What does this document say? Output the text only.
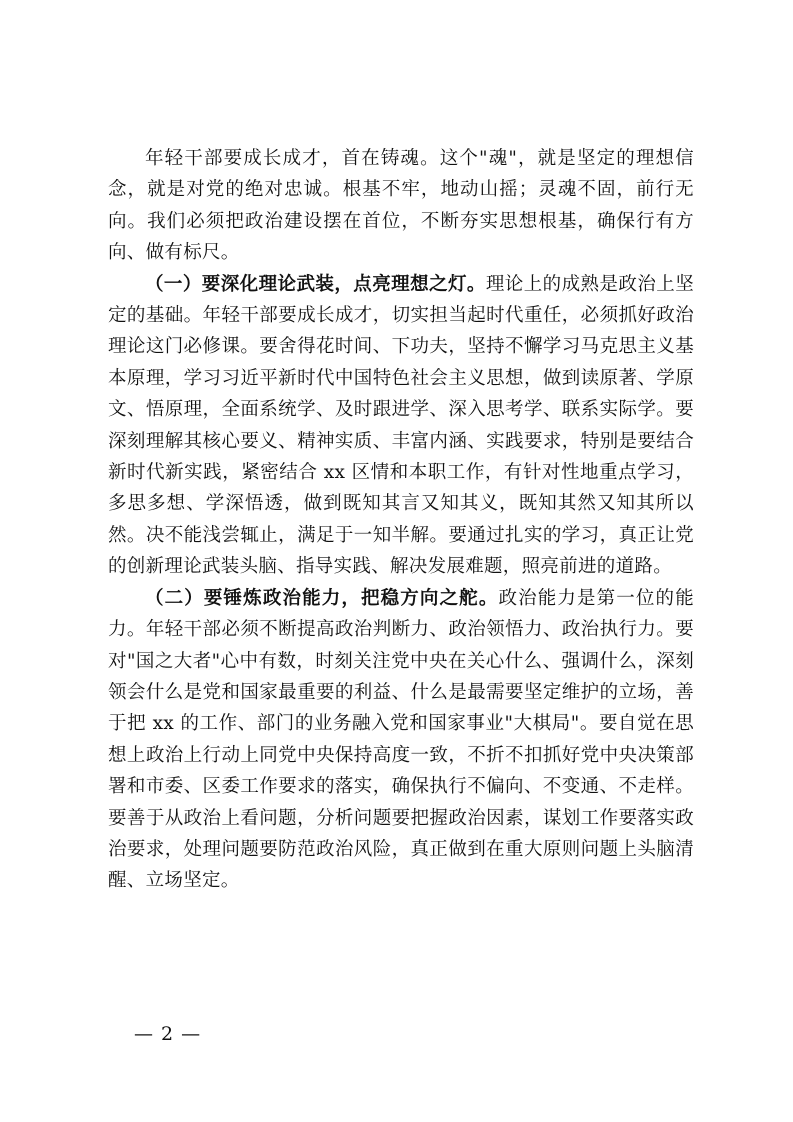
年轻干部要成长成才，首在铸魂。这个"魂"，就是坚定的理想信念，就是对党的绝对忠诚。根基不牢，地动山摇；灵魂不固，前行无向。我们必须把政治建设摆在首位，不断夯实思想根基，确保行有方向、做有标尺。

（一）要深化理论武装，点亮理想之灯。理论上的成熟是政治上坚定的基础。年轻干部要成长成才，切实担当起时代重任，必须抓好政治理论这门必修课。要舍得花时间、下功夫，坚持不懈学习马克思主义基本原理，学习习近平新时代中国特色社会主义思想，做到读原著、学原文、悟原理，全面系统学、及时跟进学、深入思考学、联系实际学。要深刻理解其核心要义、精神实质、丰富内涵、实践要求，特别是要结合新时代新实践，紧密结合 xx 区情和本职工作，有针对性地重点学习，多思多想、学深悟透，做到既知其言又知其义，既知其然又知其所以然。决不能浅尝辄止，满足于一知半解。要通过扎实的学习，真正让党的创新理论武装头脑、指导实践、解决发展难题，照亮前进的道路。

（二）要锤炼政治能力，把稳方向之舵。政治能力是第一位的能力。年轻干部必须不断提高政治判断力、政治领悟力、政治执行力。要对"国之大者"心中有数，时刻关注党中央在关心什么、强调什么，深刻领会什么是党和国家最重要的利益、什么是最需要坚定维护的立场，善于把 xx 的工作、部门的业务融入党和国家事业"大棋局"。要自觉在思想上政治上行动上同党中央保持高度一致，不折不扣抓好党中央决策部署和市委、区委工作要求的落实，确保执行不偏向、不变通、不走样。要善于从政治上看问题，分析问题要把握政治因素，谋划工作要落实政治要求，处理问题要防范政治风险，真正做到在重大原则问题上头脑清醒、立场坚定。

— 2 —
